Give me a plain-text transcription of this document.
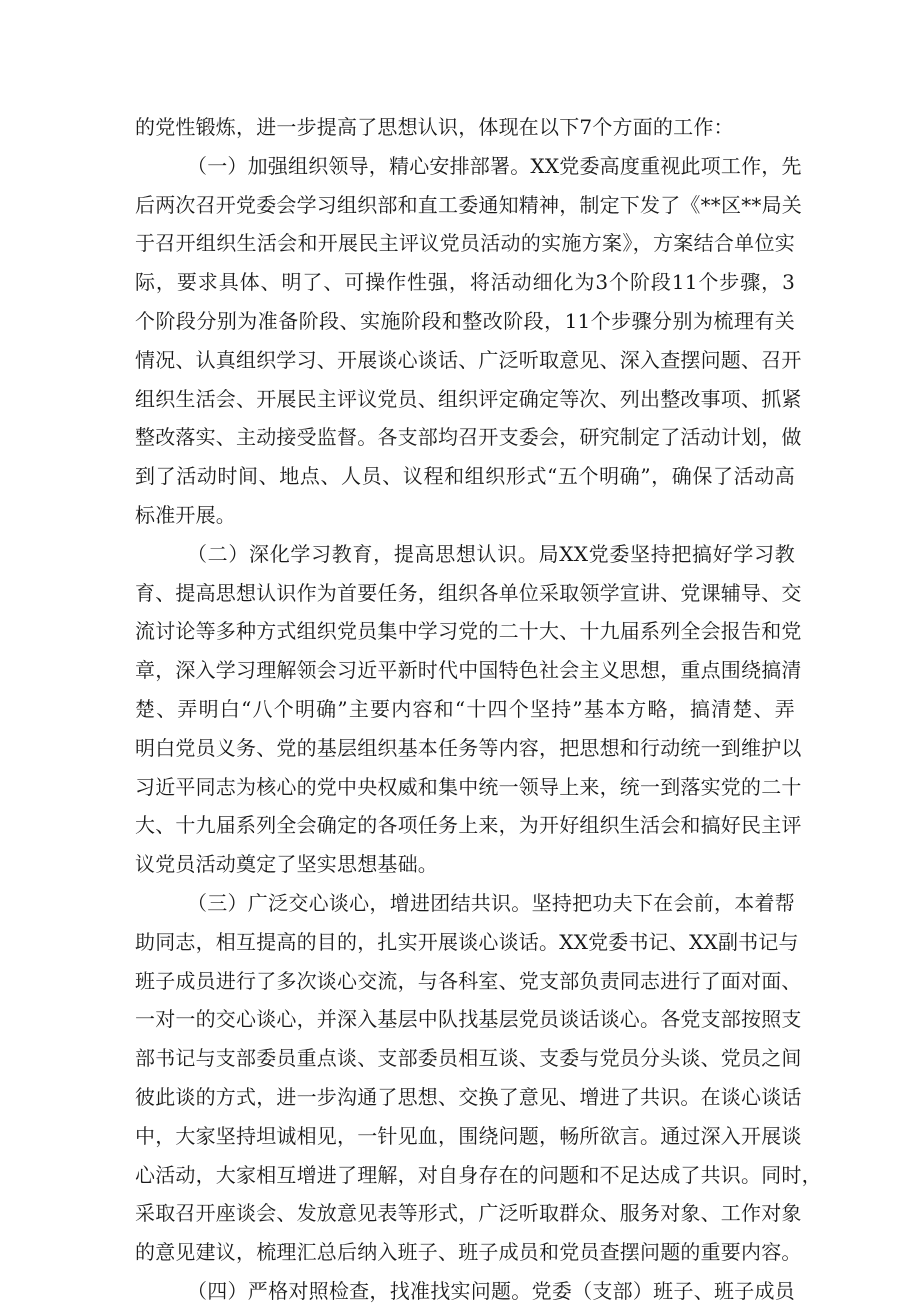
的党性锻炼，进一步提高了思想认识，体现在以下7个方面的工作：
（一）加强组织领导，精心安排部署。XX党委高度重视此项工作，先
后两次召开党委会学习组织部和直工委通知精神，制定下发了《**区**局关
于召开组织生活会和开展民主评议党员活动的实施方案》，方案结合单位实
际，要求具体、明了、可操作性强，将活动细化为3个阶段11个步骤，3
个阶段分别为准备阶段、实施阶段和整改阶段，11个步骤分别为梳理有关
情况、认真组织学习、开展谈心谈话、广泛听取意见、深入查摆问题、召开
组织生活会、开展民主评议党员、组织评定确定等次、列出整改事项、抓紧
整改落实、主动接受监督。各支部均召开支委会，研究制定了活动计划，做
到了活动时间、地点、人员、议程和组织形式“五个明确”，确保了活动高
标准开展。
（二）深化学习教育，提高思想认识。局XX党委坚持把搞好学习教
育、提高思想认识作为首要任务，组织各单位采取领学宣讲、党课辅导、交
流讨论等多种方式组织党员集中学习党的二十大、十九届系列全会报告和党
章，深入学习理解领会习近平新时代中国特色社会主义思想，重点围绕搞清
楚、弄明白“八个明确”主要内容和“十四个坚持”基本方略，搞清楚、弄
明白党员义务、党的基层组织基本任务等内容，把思想和行动统一到维护以
习近平同志为核心的党中央权威和集中统一领导上来，统一到落实党的二十
大、十九届系列全会确定的各项任务上来，为开好组织生活会和搞好民主评
议党员活动奠定了坚实思想基础。
（三）广泛交心谈心，增进团结共识。坚持把功夫下在会前，本着帮
助同志，相互提高的目的，扎实开展谈心谈话。XX党委书记、XX副书记与
班子成员进行了多次谈心交流，与各科室、党支部负责同志进行了面对面、
一对一的交心谈心，并深入基层中队找基层党员谈话谈心。各党支部按照支
部书记与支部委员重点谈、支部委员相互谈、支委与党员分头谈、党员之间
彼此谈的方式，进一步沟通了思想、交换了意见、增进了共识。在谈心谈话
中，大家坚持坦诚相见，一针见血，围绕问题，畅所欲言。通过深入开展谈
心活动，大家相互增进了理解，对自身存在的问题和不足达成了共识。同时，
采取召开座谈会、发放意见表等形式，广泛听取群众、服务对象、工作对象
的意见建议，梳理汇总后纳入班子、班子成员和党员查摆问题的重要内容。
（四）严格对照检查，找准找实问题。党委（支部）班子、班子成员
